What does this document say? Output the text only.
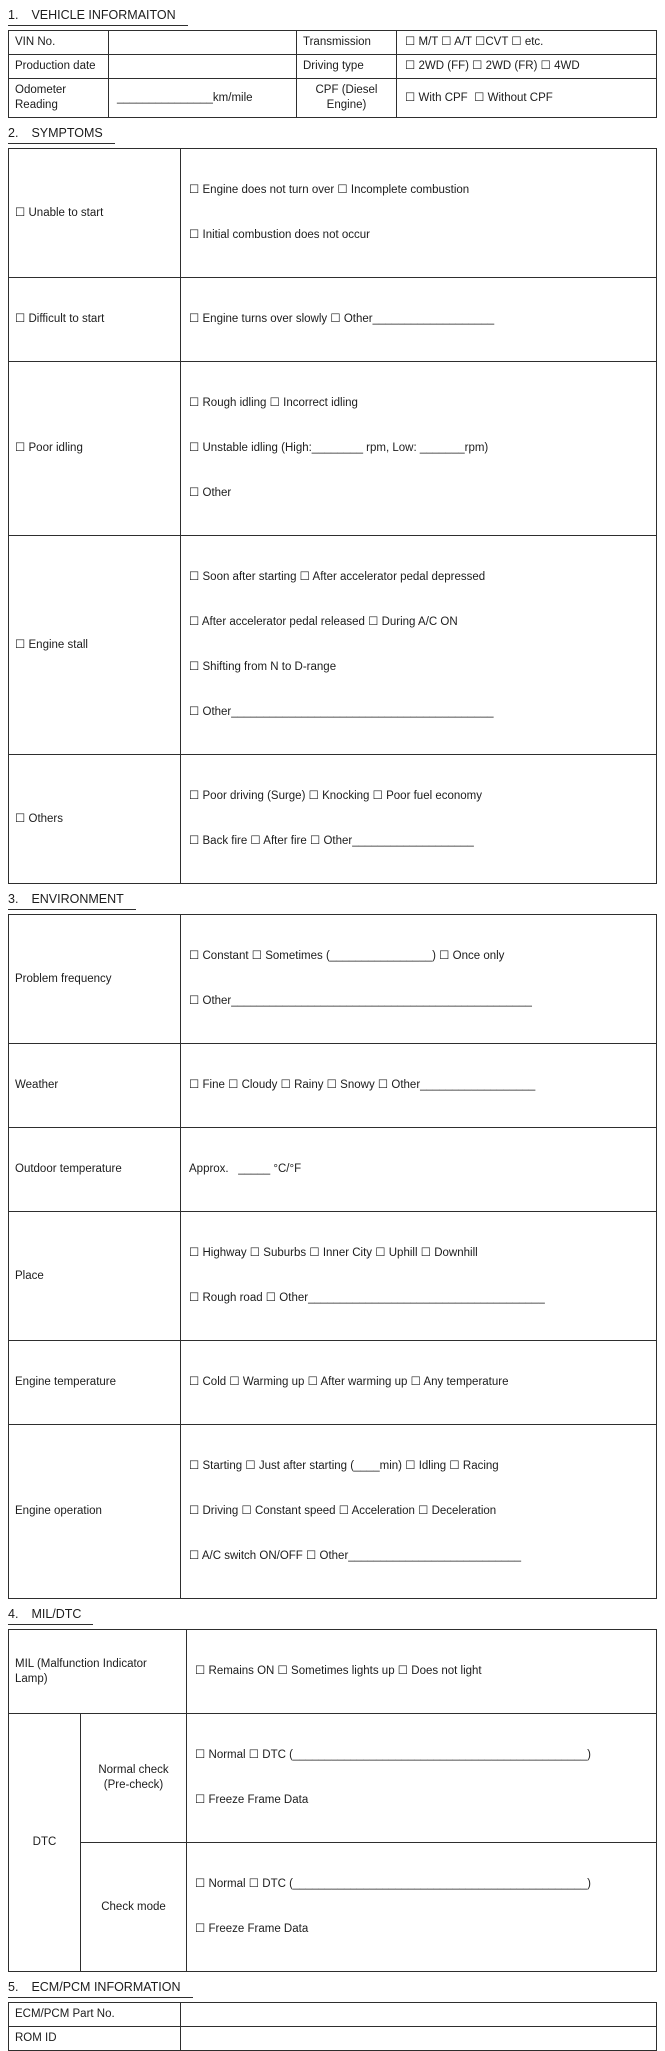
1. VEHICLE INFORMAITON
VIN No.		Transmission	☐ M/T ☐ A/T ☐CVT ☐ etc.
Production date		Driving type	☐ 2WD (FF) ☐ 2WD (FR) ☐ 4WD
Odometer Reading	_______________km/mile	CPF (Diesel Engine)	☐ With CPF  ☐ Without CPF
2. SYMPTOMS
☐ Unable to start	☐ Engine does not turn over ☐ Incomplete combustion

☐ Initial combustion does not occur

☐ Difficult to start	☐ Engine turns over slowly ☐ Other___________________

☐ Poor idling	☐ Rough idling ☐ Incorrect idling

☐ Unstable idling (High:________ rpm, Low: _______rpm)

☐ Other

☐ Engine stall	☐ Soon after starting ☐ After accelerator pedal depressed

☐ After accelerator pedal released ☐ During A/C ON

☐ Shifting from N to D-range

☐ Other_________________________________________

☐ Others	☐ Poor driving (Surge) ☐ Knocking ☐ Poor fuel economy

☐ Back fire ☐ After fire ☐ Other___________________

3. ENVIRONMENT
Problem frequency	☐ Constant ☐ Sometimes (________________) ☐ Once only

☐ Other_______________________________________________

Weather	☐ Fine ☐ Cloudy ☐ Rainy ☐ Snowy ☐ Other__________________

Outdoor temperature	Approx.   _____ °C/°F

Place	☐ Highway ☐ Suburbs ☐ Inner City ☐ Uphill ☐ Downhill

☐ Rough road ☐ Other_____________________________________

Engine temperature	☐ Cold ☐ Warming up ☐ After warming up ☐ Any temperature

Engine operation	☐ Starting ☐ Just after starting (____min) ☐ Idling ☐ Racing

☐ Driving ☐ Constant speed ☐ Acceleration ☐ Deceleration

☐ A/C switch ON/OFF ☐ Other___________________________

4. MIL/DTC
MIL (Malfunction Indicator Lamp)		☐ Remains ON ☐ Sometimes lights up ☐ Does not light

DTC	Normal check (Pre-check)	☐ Normal ☐ DTC (______________________________________________)

☐ Freeze Frame Data

	Check mode	☐ Normal ☐ DTC (______________________________________________)

☐ Freeze Frame Data

5. ECM/PCM INFORMATION
ECM/PCM Part No.	
ROM ID	
